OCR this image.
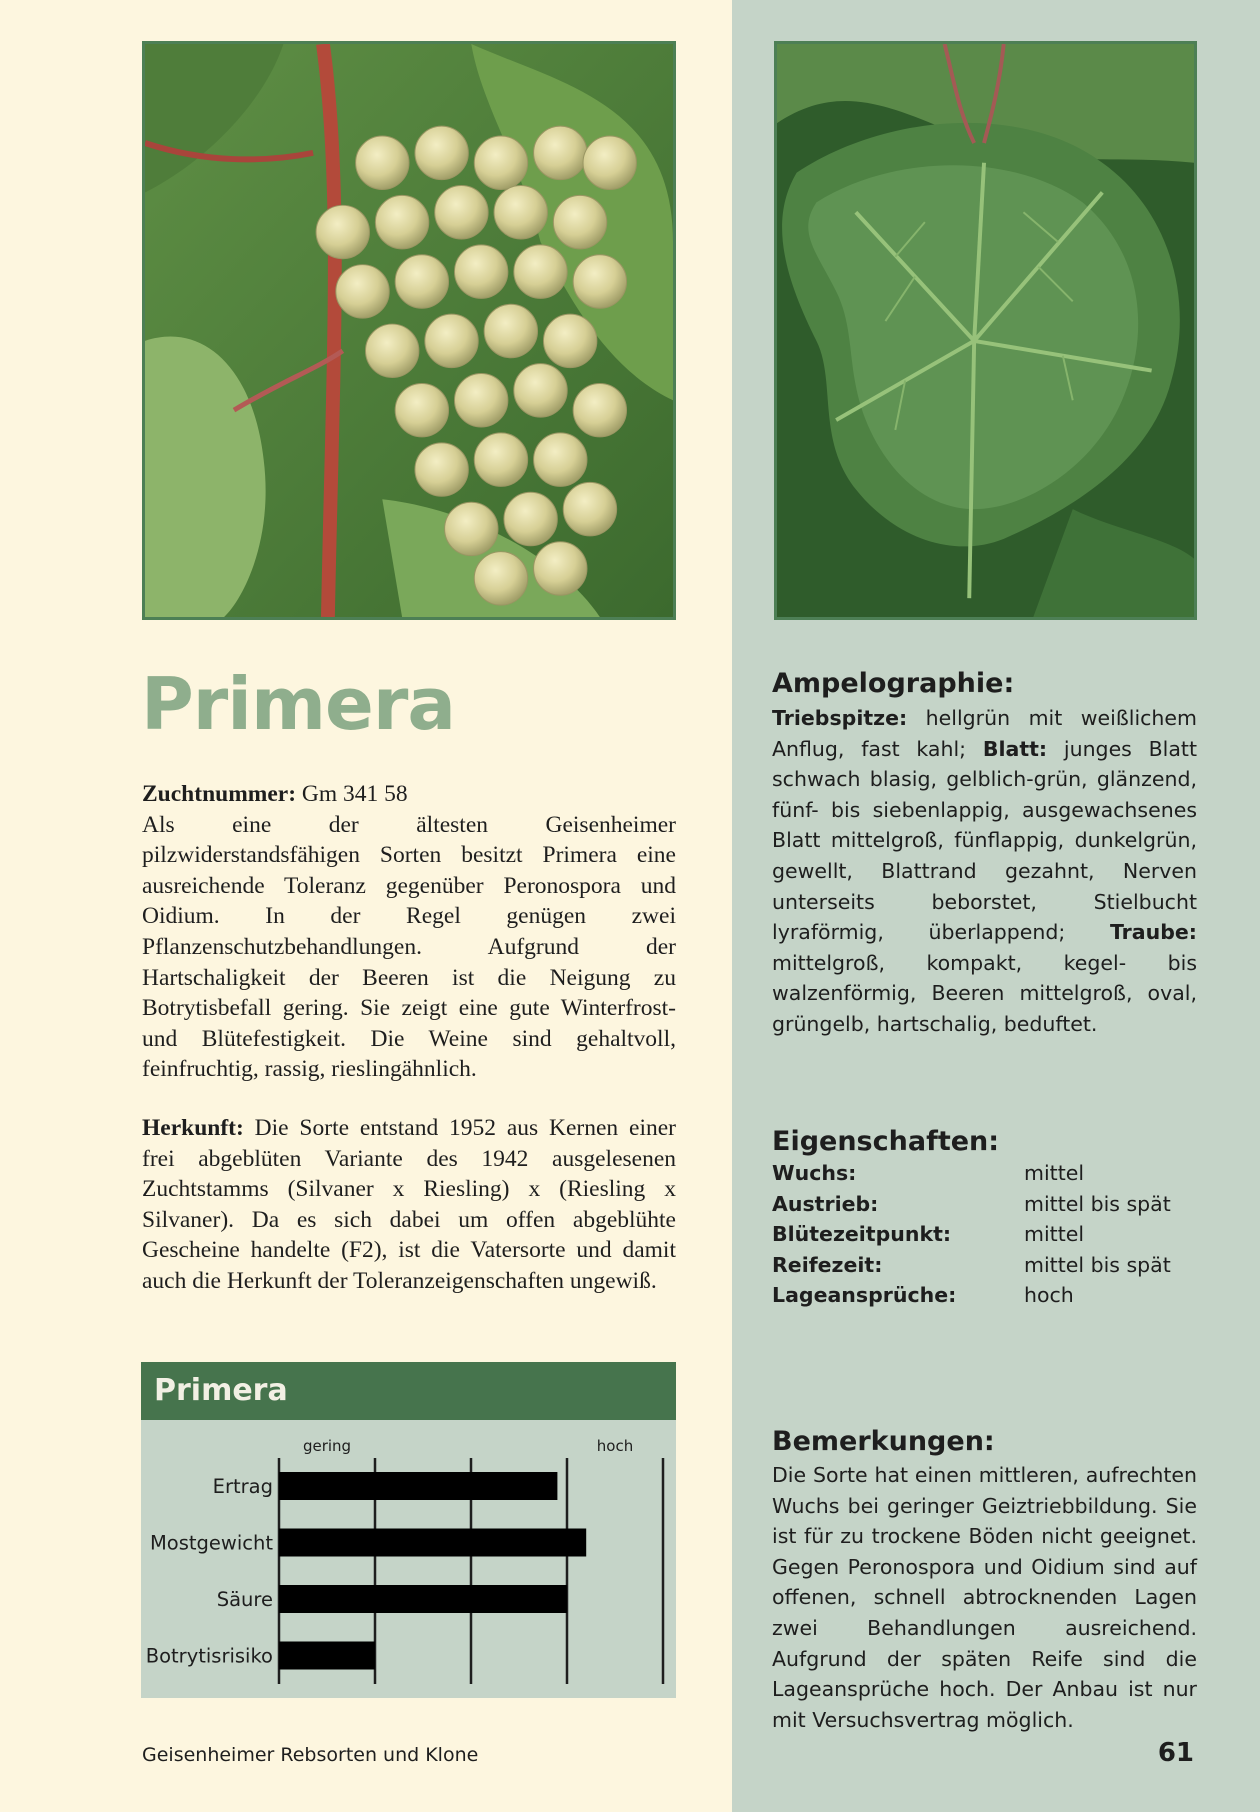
Primera

Zuchtnummer: Gm 341 58
Als eine der ältesten Geisenheimer pilzwiderstandsfähigen Sorten besitzt Primera eine ausreichende Toleranz gegenüber Peronospora und Oidium. In der Regel genügen zwei Pflanzenschutzbehandlungen. Aufgrund der Hartschaligkeit der Beeren ist die Neigung zu Botrytisbefall gering. Sie zeigt eine gute Winterfrost- und Blütefestigkeit. Die Weine sind gehaltvoll, feinfruchtig, rassig, rieslingähnlich.

Herkunft: Die Sorte entstand 1952 aus Kernen einer frei abgeblüten Variante des 1942 ausgelesenen Zuchtstamms (Silvaner x Riesling) x (Riesling x Silvaner). Da es sich dabei um offen abgeblühte Gescheine handelte (F2), ist die Vatersorte und damit auch die Herkunft der Toleranzeigenschaften ungewiß.

Primera
gering	hoch
Ertrag
Mostgewicht
Säure
Botrytisrisiko
Ampelographie:

Triebspitze: hellgrün mit weißlichem Anflug, fast kahl; Blatt: junges Blatt schwach blasig, gelblich-grün, glänzend, fünf- bis siebenlappig, ausgewachsenes Blatt mittelgroß, fünflappig, dunkelgrün, gewellt, Blattrand gezahnt, Nerven unterseits beborstet, Stielbucht lyraförmig, überlappend; Traube: mittelgroß, kompakt, kegel- bis walzenförmig, Beeren mittelgroß, oval, grüngelb, hartschalig, beduftet.

Eigenschaften:
Wuchs:	mittel
Austrieb:	mittel bis spät
Blütezeitpunkt:	mittel
Reifezeit:	mittel bis spät
Lageansprüche:	hoch
Bemerkungen:

Die Sorte hat einen mittleren, aufrechten Wuchs bei geringer Geiztriebbildung. Sie ist für zu trockene Böden nicht geeignet. Gegen Peronospora und Oidium sind auf offenen, schnell abtrocknenden Lagen zwei Behandlungen ausreichend. Aufgrund der späten Reife sind die Lageansprüche hoch. Der Anbau ist nur mit Versuchsvertrag möglich.

Geisenheimer Rebsorten und Klone	61
